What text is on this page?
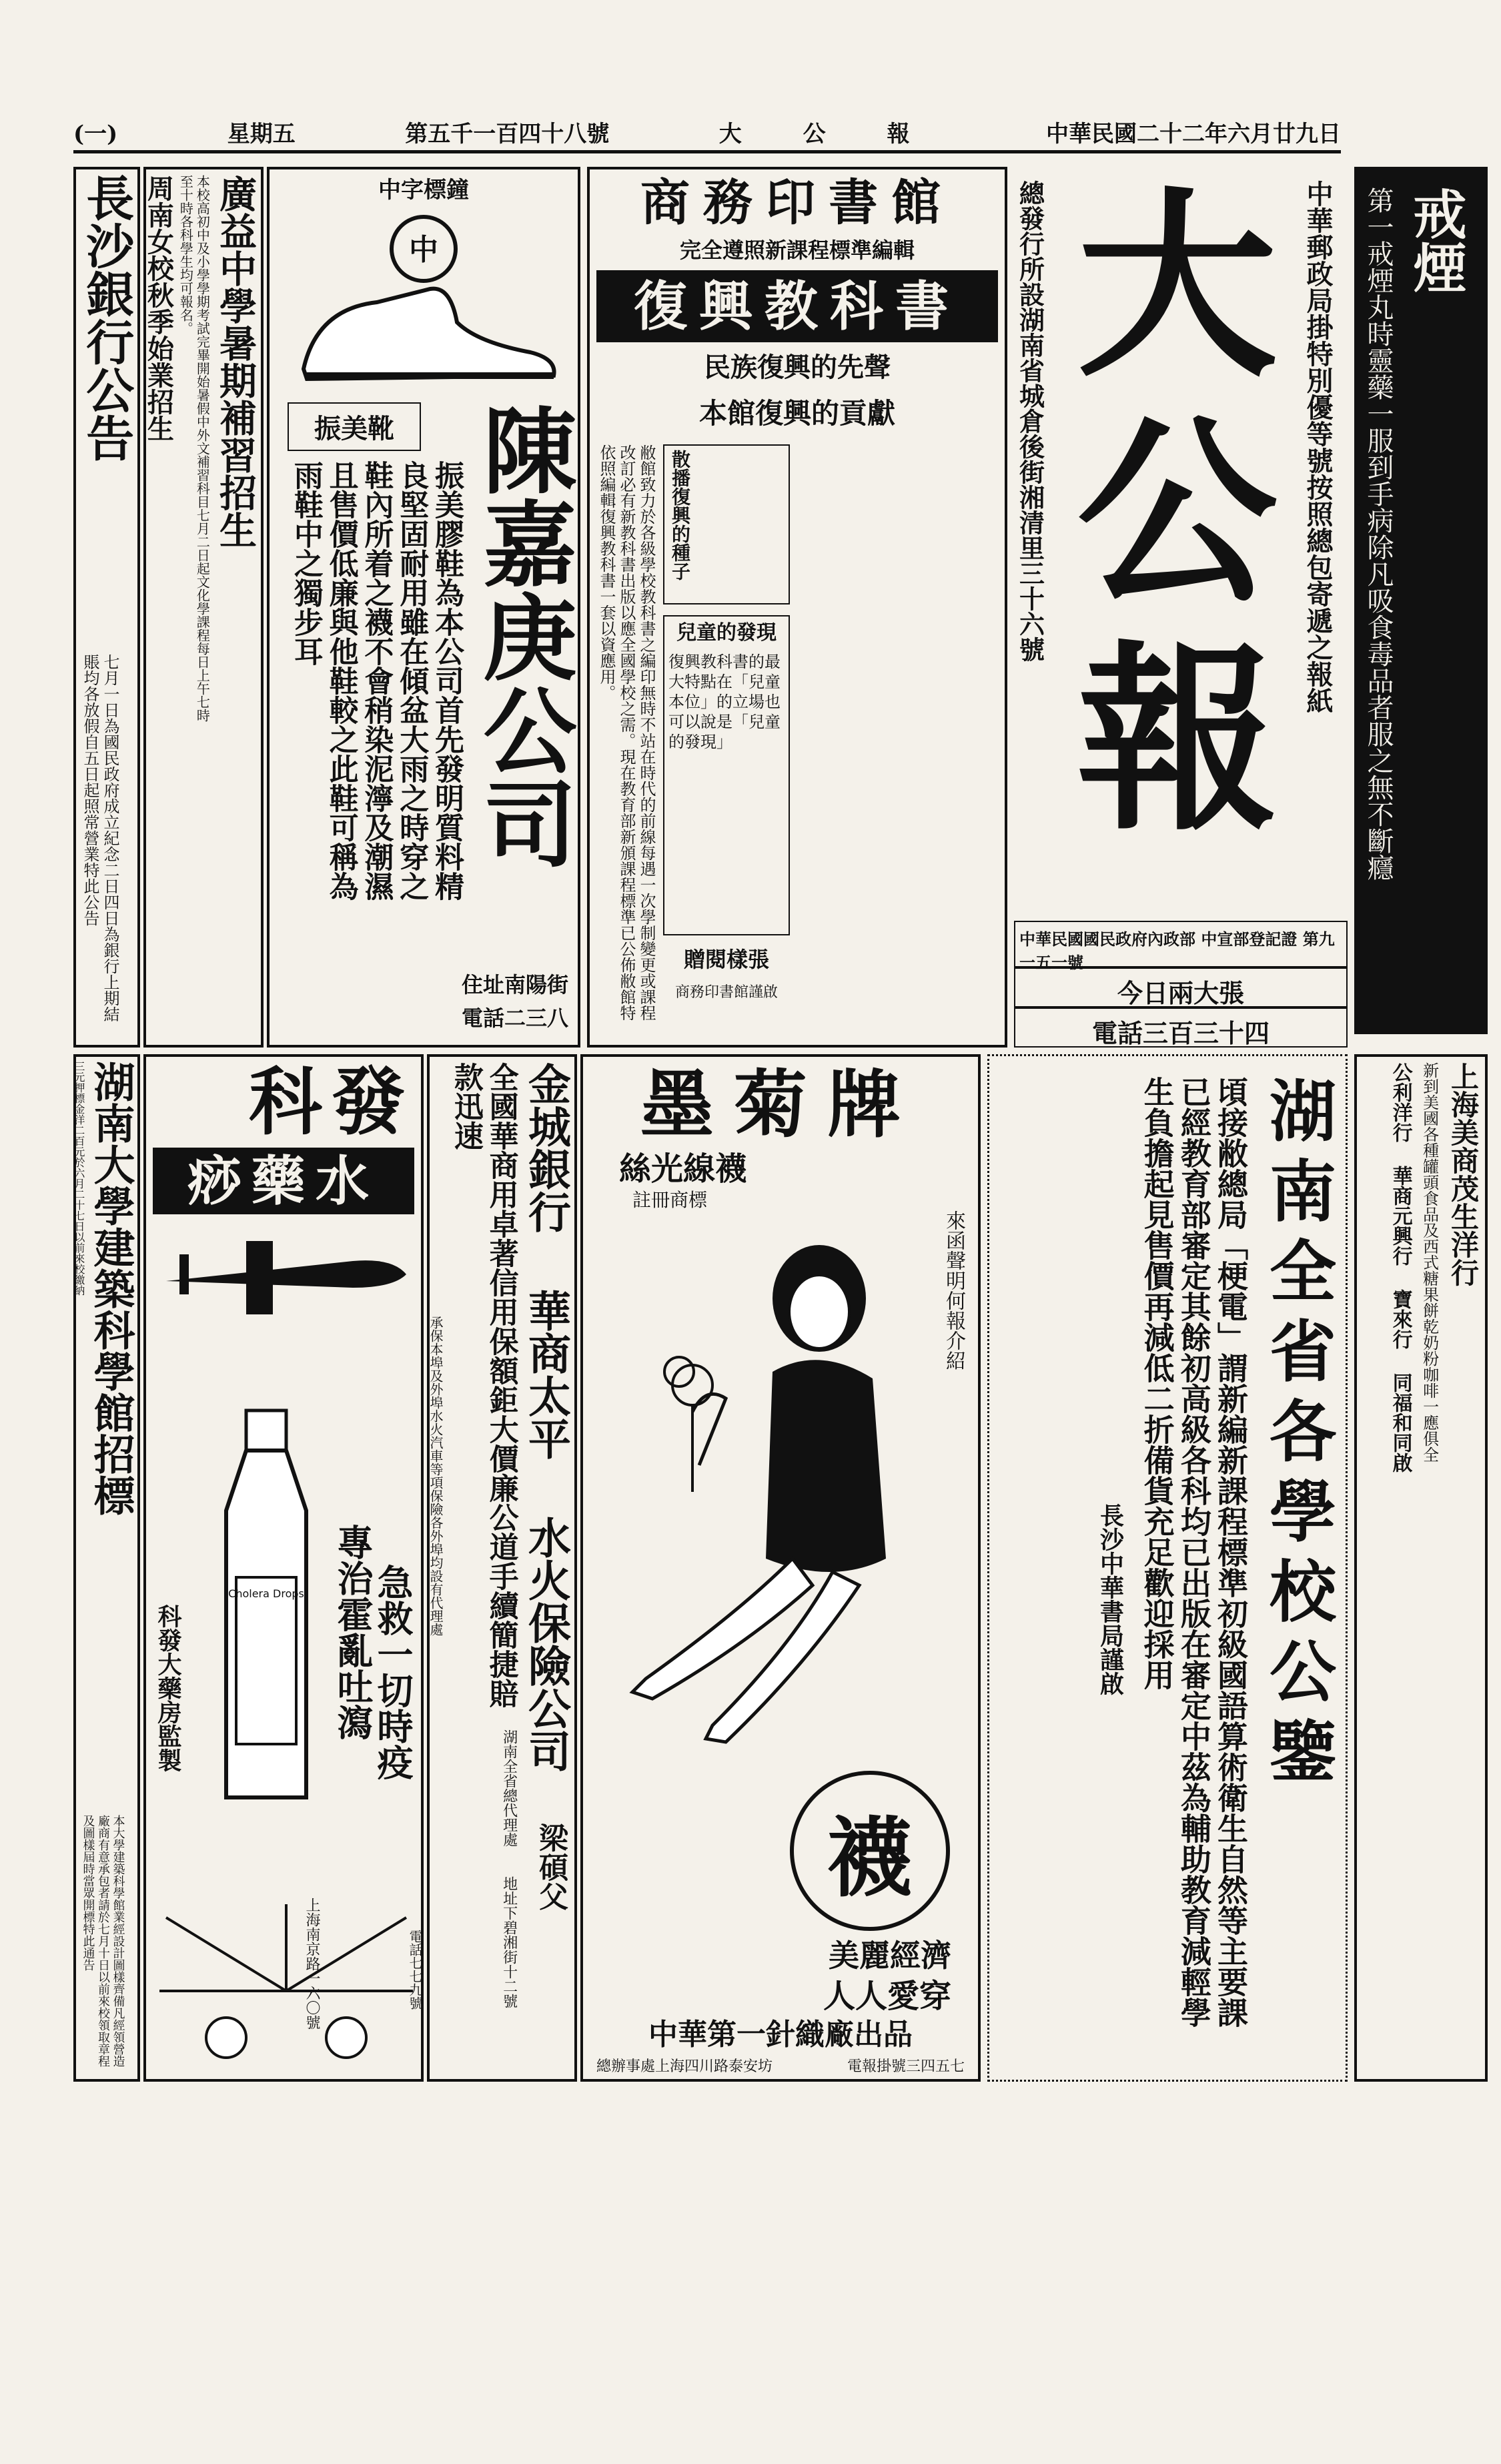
(一)	星期五	第五千一百四十八號	大 公 報	中華民國二十二年六月廿九日
戒煙
第一戒煙丸時靈藥一服到手病除凡吸食毒品者服之無不斷癮
大公報 中華郵政局掛特別優等號按照總包寄遞之報紙
總發行所設湖南省城倉後街湘清里三十六號
中華民國國民政府內政部 中宣部登記證 第九一五一號
今日兩大張
電話三百三十四
商務印書館
完全遵照新課程標準編輯
復興教科書
民族復興的先聲
本館復興的貢獻
敝館致力於各級學校教科書之編印無時不站在時代的前線每遇一次學制變更或課程改訂必有新教科書出版以應全國學校之需。現在教育部新頒課程標準已公佈敝館特依照編輯復興教科書一套以資應用。	散播復興的種子
兒童的發現
復興教科書的最大特點在「兒童本位」的立場也可以說是「兒童的發現」
贈閱樣張
商務印書館謹啟
中字標鐘
中
陳嘉庚公司
振美靴
振美膠鞋為本公司首先發明質料精良堅固耐用雖在傾盆大雨之時穿之鞋內所着之襪不會稍染泥濘及潮濕且售價低廉與他鞋較之此鞋可稱為雨鞋中之獨步耳
住址南陽街
電話二三八
廣益中學暑期補習招生
本校高初中及小學學期考試完畢開始暑假中外文補習科目七月二日起文化學課程每日上午七時至十時各科學生均可報名。
周南女校秋季始業招生
長沙銀行公告
七月一日為國民政府成立紀念二日四日為銀行上期結賬均各放假自五日起照常營業特此公告
上海美商茂生洋行
新到美國各種罐頭食品及西式糖果餅乾奶粉咖啡一應俱全
公利洋行 華商元興行 寶來行 同福和同啟
湖南全省各學校公鑒
頃接敝總局「梗電」謂新編新課程標準初級國語算術衛生自然等主要課已經教育部審定其餘初高級各科均已出版在審定中茲為輔助教育減輕學生負擔起見售價再減低二折備貨充足歡迎採用
長沙中華書局謹啟
墨菊牌
絲光線襪
註冊商標
來函聲明何報介紹
襪
美麗經濟
人人愛穿
中華第一針織廠出品
總辦事處上海四川路泰安坊	電報掛號三四五七
金城銀行
華商太平
水火保險公司
梁碩父
全國華商用卓著信用保額鉅大價廉公道手續簡捷賠款迅速
湖南全省總代理處
地址下碧湘街十二號
承保本埠及外埠水火汽車等項保險各外埠均設有代理處
電話七七九號
科發
痧藥水
Cholera Drops 專治霍亂吐瀉
急救一切時疫
科發大藥房監製
上海南京路一六〇號
湖南大學建築科學館招標
三元押標金洋二百元於六月二十七日以前來校繳納
本大學建築科學館業經設計圖樣齊備凡經領營造廠商有意承包者請於七月十日以前來校領取章程及圖樣屆時當眾開標特此通告
